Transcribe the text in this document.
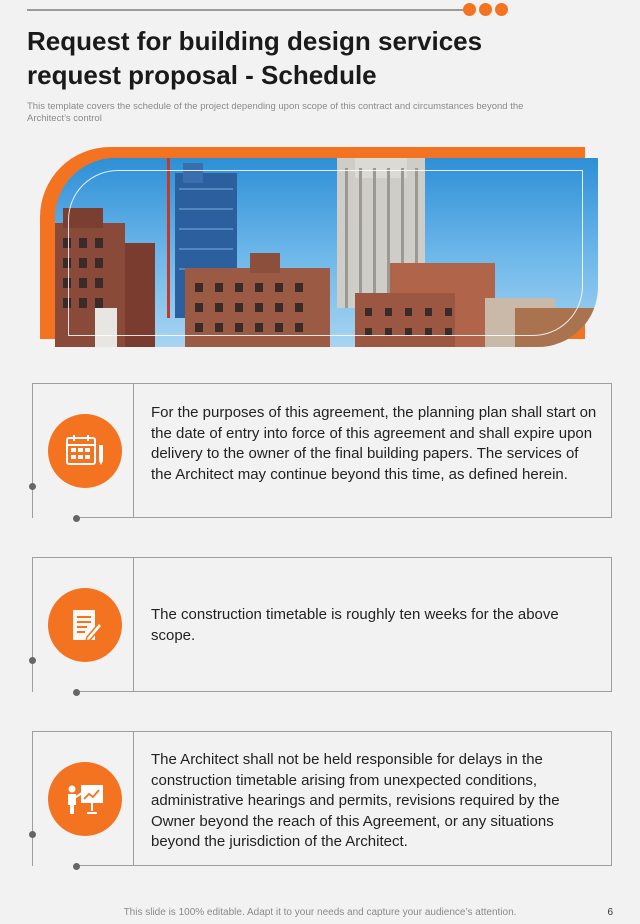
Request for building design services
request proposal - Schedule
This template covers the schedule of the project depending upon scope of this contract and circumstances beyond the Architect’s control
For the purposes of this agreement, the planning plan shall start on the date of entry into force of this agreement and shall expire upon delivery to the owner of the final building papers. The services of the Architect may continue beyond this time, as defined herein.
The construction timetable is roughly ten weeks for the above scope.
The Architect shall not be held responsible for delays in the construction timetable arising from unexpected conditions, administrative hearings and permits, revisions required by the Owner beyond the reach of this Agreement, or any situations beyond the jurisdiction of the Architect.
This slide is 100% editable. Adapt it to your needs and capture your audience’s attention.	6
